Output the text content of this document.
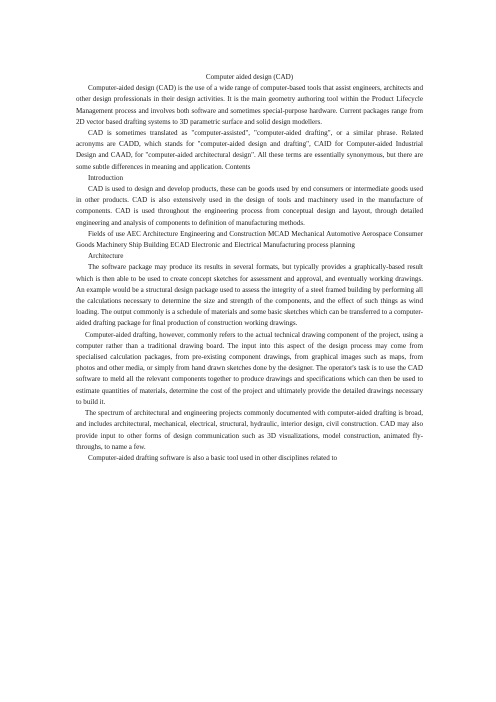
Computer aided design (CAD)

Computer-aided design (CAD) is the use of a wide range of computer-based tools that assist engineers, architects and other design professionals in their design activities. It is the main geometry authoring tool within the Product Lifecycle Management process and involves both software and sometimes special-purpose hardware. Current packages range from 2D vector based drafting systems to 3D parametric surface and solid design modellers.

CAD is sometimes translated as "computer-assisted", "computer-aided drafting", or a similar phrase. Related acronyms are CADD, which stands for "computer-aided design and drafting", CAID for Computer-aided Industrial Design and CAAD, for "computer-aided architectural design". All these terms are essentially synonymous, but there are some subtle differences in meaning and application. Contents

Introduction

CAD is used to design and develop products, these can be goods used by end consumers or intermediate goods used in other products. CAD is also extensively used in the design of tools and machinery used in the manufacture of components. CAD is used throughout the engineering process from conceptual design and layout, through detailed engineering and analysis of components to definition of manufacturing methods.

Fields of use AEC Architecture Engineering and Construction MCAD Mechanical Automotive Aerospace Consumer Goods Machinery Ship Building ECAD Electronic and Electrical Manufacturing process planning

Architecture

The software package may produce its results in several formats, but typically provides a graphically-based result which is then able to be used to create concept sketches for assessment and approval, and eventually working drawings. An example would be a structural design package used to assess the integrity of a steel framed building by performing all the calculations necessary to determine the size and strength of the components, and the effect of such things as wind loading. The output commonly is a schedule of materials and some basic sketches which can be transferred to a computer-aided drafting package for final production of construction working drawings.

Computer-aided drafting, however, commonly refers to the actual technical drawing component of the project, using a computer rather than a traditional drawing board. The input into this aspect of the design process may come from specialised calculation packages, from pre-existing component drawings, from graphical images such as maps, from photos and other media, or simply from hand drawn sketches done by the designer. The operator's task is to use the CAD software to meld all the relevant components together to produce drawings and specifications which can then be used to estimate quantities of materials, determine the cost of the project and ultimately provide the detailed drawings necessary to build it.

The spectrum of architectural and engineering projects commonly documented with computer-aided drafting is broad, and includes architectural, mechanical, electrical, structural, hydraulic, interior design, civil construction. CAD may also provide input to other forms of design communication such as 3D visualizations, model construction, animated fly-throughs, to name a few.

Computer-aided drafting software is also a basic tool used in other disciplines related to
